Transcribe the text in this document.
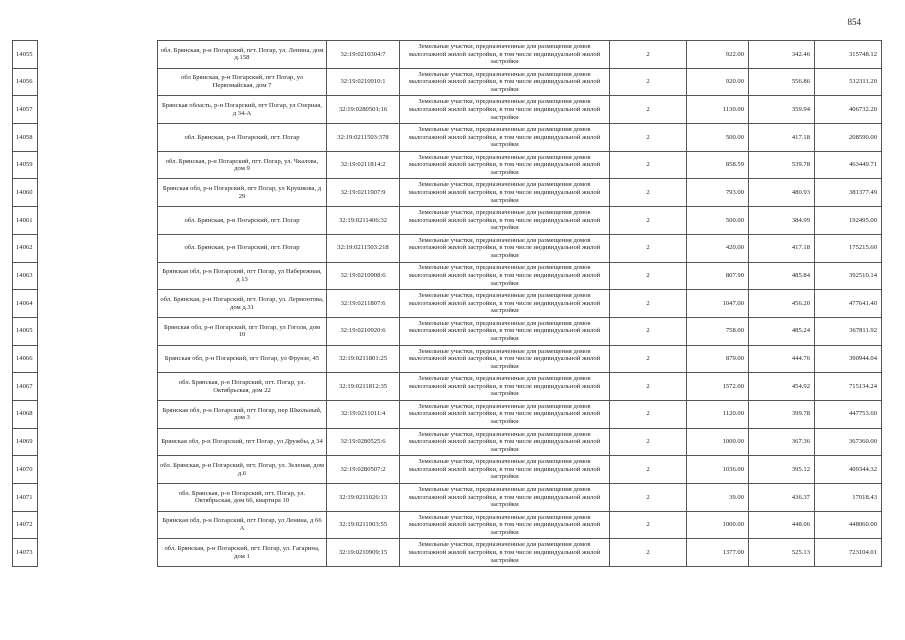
854
14055		обл. Брянская, р-н Погарский, пгт. Погар, ул. Ленина, дом д.158	32:19:0210304:7	Земельные участки, предназначенные для размещения домов малоэтажной жилой застройки, в том числе индивидуальной жилой застройки	2	922.00	342.46	315748.12
14056		обл Брянская, р-н Погарский, пгт Погар, ул Первомайская, дом 7	32:19:0210910:1	Земельные участки, предназначенные для размещения домов малоэтажной жилой застройки, в том числе индивидуальной жилой застройки	2	920.00	556.86	512311.20
14057		Брянская область, р-н Погарский, пгт Погар, ул Озерная, д 34-А	32:19:0280501:16	Земельные участки, предназначенные для размещения домов малоэтажной жилой застройки, в том числе индивидуальной жилой застройки	2	1130.00	359.94	406732.20
14058		обл. Брянская, р-н Погарский, пгт. Погар	32:19:0211503:378	Земельные участки, предназначенные для размещения домов малоэтажной жилой застройки, в том числе индивидуальной жилой застройки	2	500.00	417.18	208590.00
14059		обл. Брянская, р-н Погарский, пгт. Погар, ул. Чкалова, дом 9	32:19:0211814:2	Земельные участки, предназначенные для размещения домов малоэтажной жилой застройки, в том числе индивидуальной жилой застройки	2	858.59	539.78	463449.71
14060		Брянская обл, р-н Погарский, пгт Погар, ул Крушкова, д 29	32:19:0211907:9	Земельные участки, предназначенные для размещения домов малоэтажной жилой застройки, в том числе индивидуальной жилой застройки	2	793.00	480.93	381377.49
14061		обл. Брянская, р-н Погарский, пгт. Погар	32:19:0211406:32	Земельные участки, предназначенные для размещения домов малоэтажной жилой застройки, в том числе индивидуальной жилой застройки	2	500.00	384.99	192495.00
14062		обл. Брянская, р-н Погарский, пгт. Погар	32:19:0211503:218	Земельные участки, предназначенные для размещения домов малоэтажной жилой застройки, в том числе индивидуальной жилой застройки	2	420.00	417.18	175215.60
14063		Брянская обл, р-н Погарский, пгт Погар, ул Набережная, д 13	32:19:0210908:6	Земельные участки, предназначенные для размещения домов малоэтажной жилой застройки, в том числе индивидуальной жилой застройки	2	807.90	485.84	392510.14
14064		обл. Брянская, р-н Погарский, пгт. Погар, ул. Лермонтова, дом д.31	32:19:0211807:6	Земельные участки, предназначенные для размещения домов малоэтажной жилой застройки, в том числе индивидуальной жилой застройки	2	1047.00	456.20	477641.40
14065		Брянская обл, р-н Погарский, пгт Погар, ул Гоголя, дом 10	32:19:0210920:6	Земельные участки, предназначенные для размещения домов малоэтажной жилой застройки, в том числе индивидуальной жилой застройки	2	758.00	485.24	367811.92
14066		Брянская обл, р-н Погарский, пгт Погар, ул Фрунзе, 45	32:19:0211801:25	Земельные участки, предназначенные для размещения домов малоэтажной жилой застройки, в том числе индивидуальной жилой застройки	2	879.00	444.76	390944.04
14067		обл. Брянская, р-н Погарский, пгт. Погар, ул. Октябрьская, дом 22	32:19:0211812:35	Земельные участки, предназначенные для размещения домов малоэтажной жилой застройки, в том числе индивидуальной жилой застройки	2	1572.00	454.92	715134.24
14068		Брянская обл, р-н Погарский, пгт Погар, пер Школьный, дом 3	32:19:0211011:4	Земельные участки, предназначенные для размещения домов малоэтажной жилой застройки, в том числе индивидуальной жилой застройки	2	1120.00	399.78	447753.60
14069		Брянская обл, р-н Погарский, пгт Погар, ул Дружбы, д 34	32:19:0280525:6	Земельные участки, предназначенные для размещения домов малоэтажной жилой застройки, в том числе индивидуальной жилой застройки	2	1000.00	367.36	367360.00
14070		обл. Брянская, р-н Погарский, пгт. Погар, ул. Зеленая, дом д.6	32:19:0280507:2	Земельные участки, предназначенные для размещения домов малоэтажной жилой застройки, в том числе индивидуальной жилой застройки	2	1036.00	395.12	409344.32
14071		обл. Брянская, р-н Погарский, пгт. Погар, ул. Октябрьская, дом 66, квартира 10	32:19:0211026:13	Земельные участки, предназначенные для размещения домов малоэтажной жилой застройки, в том числе индивидуальной жилой застройки	2	39.00	436.37	17018.43
14072		Брянская обл, р-н Погарский, пгт Погар, ул Ленина, д 66 А	32:19:0211903:55	Земельные участки, предназначенные для размещения домов малоэтажной жилой застройки, в том числе индивидуальной жилой застройки	2	1000.00	448.06	448060.00
14073		обл. Брянская, р-н Погарский, пгт. Погар, ул. Гагарина, дом 1	32:19:0210909:15	Земельные участки, предназначенные для размещения домов малоэтажной жилой застройки, в том числе индивидуальной жилой застройки	2	1377.00	525.13	723104.01
